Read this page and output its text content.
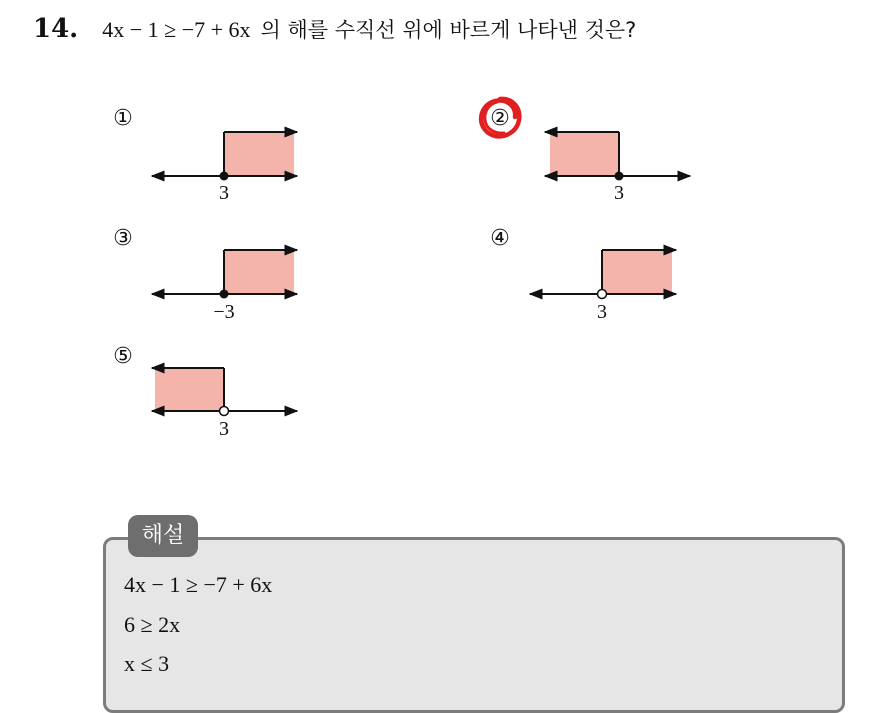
14. 4x − 1 ≥ −7 + 6x 의 해를 수직선 위에 바르게 나타낸 것은?
①	②
③	④
⑤
3	3
−3	3
3
해설
4x − 1 ≥ −7 + 6x
6 ≥ 2x
x ≤ 3
